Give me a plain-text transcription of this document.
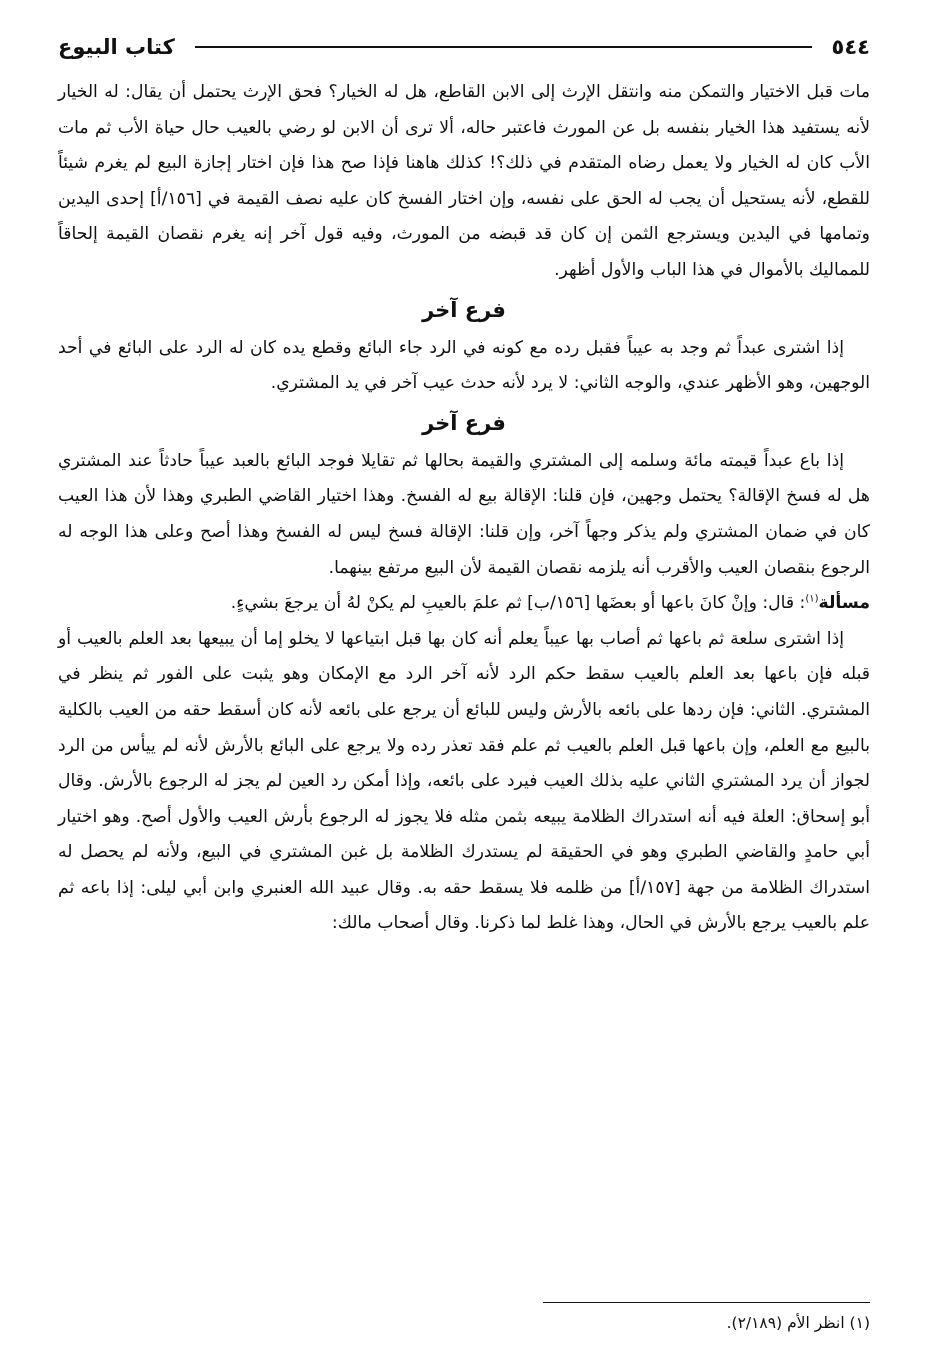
٥٤٤
كتاب البيوع

مات قبل الاختيار والتمكن منه وانتقل الإرث إلى الابن القاطع، هل له الخيار؟ فحق الإرث يحتمل أن يقال: له الخيار لأنه يستفيد هذا الخيار بنفسه بل عن المورث فاعتبر حاله، ألا ترى أن الابن لو رضي بالعيب حال حياة الأب ثم مات الأب كان له الخيار ولا يعمل رضاه المتقدم في ذلك؟! كذلك هاهنا فإذا صح هذا فإن اختار إجازة البيع لم يغرم شيئاً للقطع، لأنه يستحيل أن يجب له الحق على نفسه، وإن اختار الفسخ كان عليه نصف القيمة في [١٥٦/أ] إحدى اليدين وتمامها في اليدين ويسترجع الثمن إن كان قد قبضه من المورث، وفيه قول آخر إنه يغرم نقصان القيمة إلحاقاً للمماليك بالأموال في هذا الباب والأول أظهر.

فرع آخر

إذا اشترى عبداً ثم وجد به عيباً فقبل رده مع كونه في الرد جاء البائع وقطع يده كان له الرد على البائع في أحد الوجهين، وهو الأظهر عندي، والوجه الثاني: لا يرد لأنه حدث عيب آخر في يد المشتري.

فرع آخر

إذا باع عبداً قيمته مائة وسلمه إلى المشتري والقيمة بحالها ثم تقايلا فوجد البائع بالعبد عيباً حادثاً عند المشتري هل له فسخ الإقالة؟ يحتمل وجهين، فإن قلنا: الإقالة بيع له الفسخ. وهذا اختيار القاضي الطبري وهذا لأن هذا العيب كان في ضمان المشتري ولم يذكر وجهاً آخر، وإن قلنا: الإقالة فسخ ليس له الفسخ وهذا أصح وعلى هذا الوجه له الرجوع بنقصان العيب والأقرب أنه يلزمه نقصان القيمة لأن البيع مرتفع بينهما.

مسألة$^{(١)}$: قال: وإنْ كانَ باعها أو بعضَها [١٥٦/ب] ثم علمَ بالعيبِ لم يكنْ لهُ أن يرجعَ بشيءٍ.

إذا اشترى سلعة ثم باعها ثم أصاب بها عيباً يعلم أنه كان بها قبل ابتياعها لا يخلو إما أن يبيعها بعد العلم بالعيب أو قبله فإن باعها بعد العلم بالعيب سقط حكم الرد لأنه آخر الرد مع الإمكان وهو يثبت على الفور ثم ينظر في المشتري. الثاني: فإن ردها على بائعه بالأرش وليس للبائع أن يرجع على بائعه لأنه كان أسقط حقه من العيب بالكلية بالبيع مع العلم، وإن باعها قبل العلم بالعيب ثم علم فقد تعذر رده ولا يرجع على البائع بالأرش لأنه لم ييأس من الرد لجواز أن يرد المشتري الثاني عليه بذلك العيب فيرد على بائعه، وإذا أمكن رد العين لم يجز له الرجوع بالأرش. وقال أبو إسحاق: العلة فيه أنه استدراك الظلامة يبيعه بثمن مثله فلا يجوز له الرجوع بأرش العيب والأول أصح. وهو اختيار أبي حامدٍ والقاضي الطبري وهو في الحقيقة لم يستدرك الظلامة بل غبن المشتري في البيع، ولأنه لم يحصل له استدراك الظلامة من جهة [١٥٧/أ] من ظلمه فلا يسقط حقه به. وقال عبيد الله العنبري وابن أبي ليلى: إذا باعه ثم علم بالعيب يرجع بالأرش في الحال، وهذا غلط لما ذكرنا. وقال أصحاب مالك:

(١) انظر الأم (٢/١٨٩).
